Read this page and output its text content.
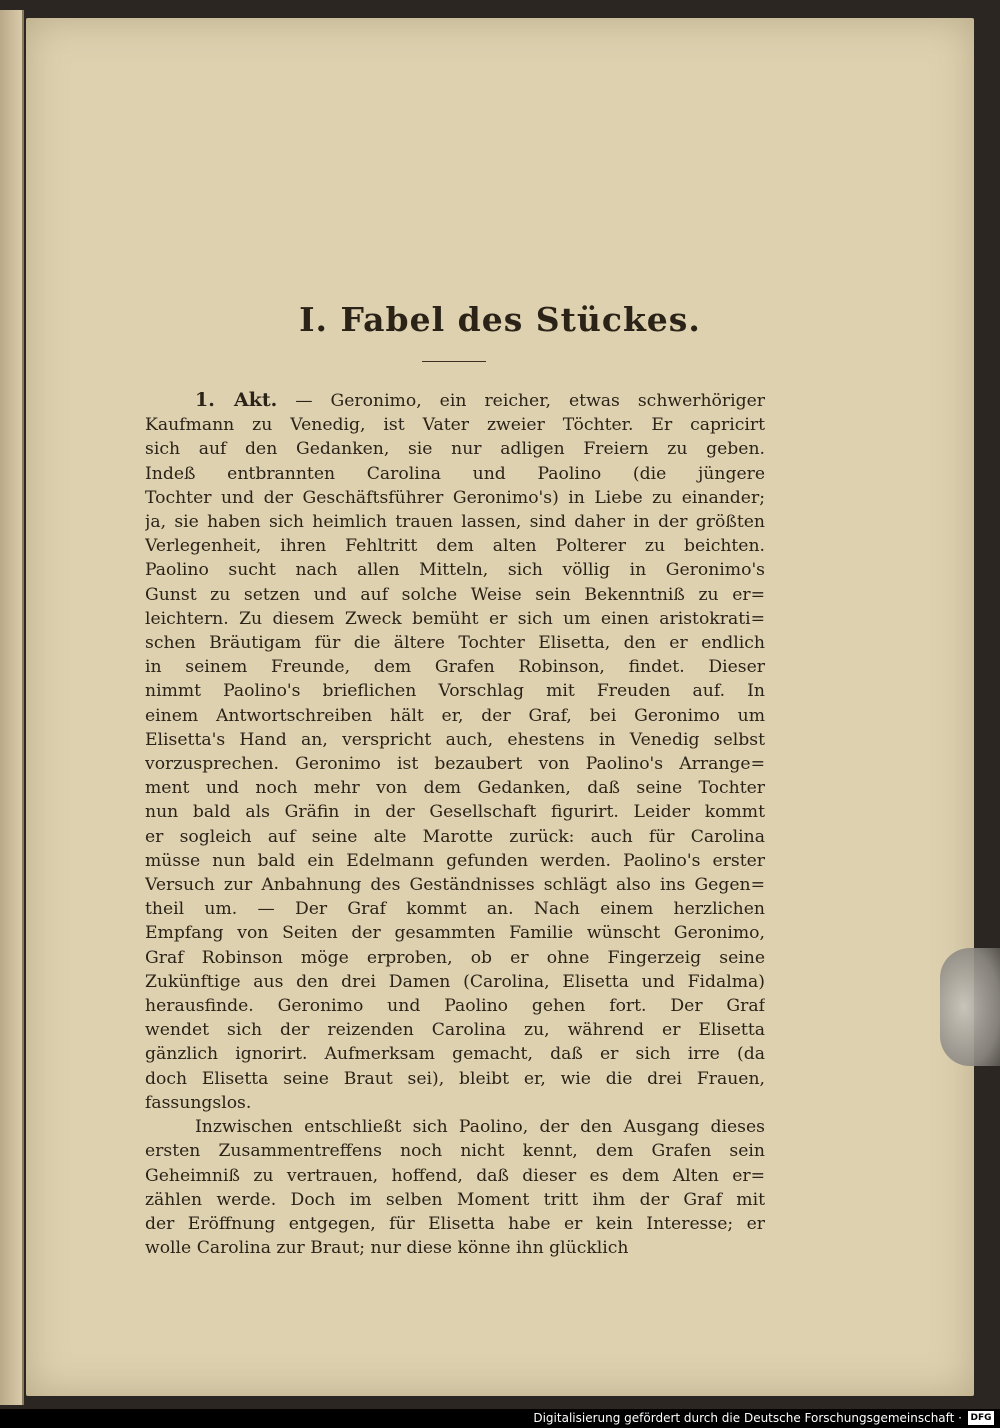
I. Fabel des Stückes.

1. Akt. — Geronimo, ein reicher, etwas schwerhöriger
Kaufmann zu Venedig, ist Vater zweier Töchter. Er capricirt
sich auf den Gedanken, sie nur adligen Freiern zu geben.
Indeß entbrannten Carolina und Paolino (die jüngere
Tochter und der Geschäftsführer Geronimo's) in Liebe zu einander;
ja, sie haben sich heimlich trauen lassen, sind daher in der größten
Verlegenheit, ihren Fehltritt dem alten Polterer zu beichten.
Paolino sucht nach allen Mitteln, sich völlig in Geronimo's
Gunst zu setzen und auf solche Weise sein Bekenntniß zu er=
leichtern. Zu diesem Zweck bemüht er sich um einen aristokrati=
schen Bräutigam für die ältere Tochter Elisetta, den er endlich
in seinem Freunde, dem Grafen Robinson, findet. Dieser
nimmt Paolino's brieflichen Vorschlag mit Freuden auf. In
einem Antwortschreiben hält er, der Graf, bei Geronimo um
Elisetta's Hand an, verspricht auch, ehestens in Venedig selbst
vorzusprechen. Geronimo ist bezaubert von Paolino's Arrange=
ment und noch mehr von dem Gedanken, daß seine Tochter
nun bald als Gräfin in der Gesellschaft figurirt. Leider kommt
er sogleich auf seine alte Marotte zurück: auch für Carolina
müsse nun bald ein Edelmann gefunden werden. Paolino's erster
Versuch zur Anbahnung des Geständnisses schlägt also ins Gegen=
theil um. — Der Graf kommt an. Nach einem herzlichen
Empfang von Seiten der gesammten Familie wünscht Geronimo,
Graf Robinson möge erproben, ob er ohne Fingerzeig seine
Zukünftige aus den drei Damen (Carolina, Elisetta und Fidalma)
herausfinde. Geronimo und Paolino gehen fort. Der Graf
wendet sich der reizenden Carolina zu, während er Elisetta
gänzlich ignorirt. Aufmerksam gemacht, daß er sich irre (da
doch Elisetta seine Braut sei), bleibt er, wie die drei Frauen,
fassungslos.

Inzwischen entschließt sich Paolino, der den Ausgang dieses
ersten Zusammentreffens noch nicht kennt, dem Grafen sein
Geheimniß zu vertrauen, hoffend, daß dieser es dem Alten er=
zählen werde. Doch im selben Moment tritt ihm der Graf mit
der Eröffnung entgegen, für Elisetta habe er kein Interesse; er
wolle Carolina zur Braut; nur diese könne ihn glücklich

Digitalisierung gefördert durch die Deutsche Forschungsgemeinschaft · DFG
